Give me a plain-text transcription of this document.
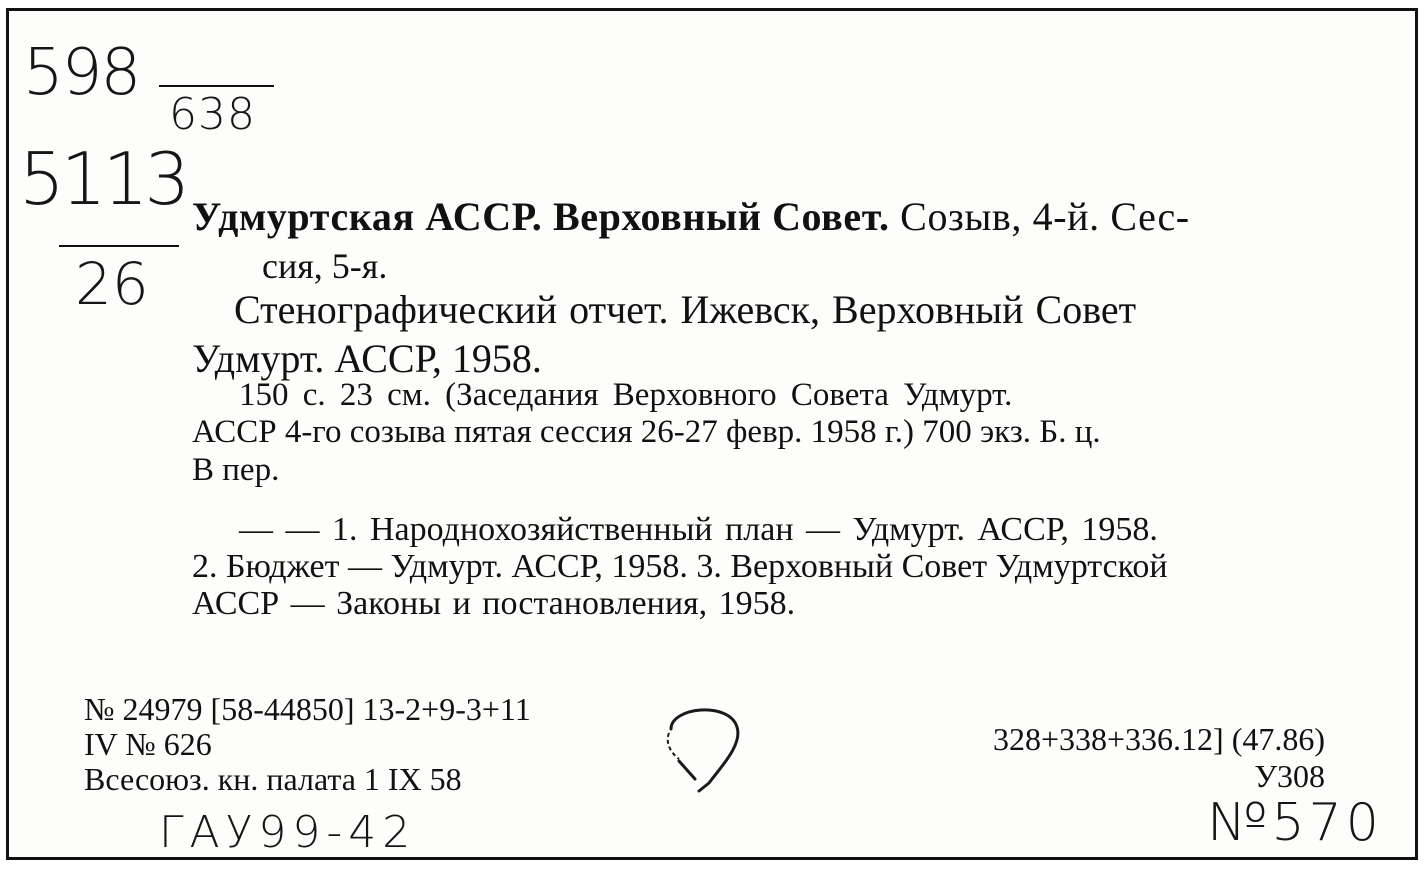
598
638
5113
26
Удмуртская АССР. Верховный Совет. Созыв, 4-й. Сес-
сия, 5-я.
Стенографический отчет. Ижевск, Верховный Совет
Удмурт. АССР, 1958.
150 с. 23 см. (Заседания Верховного Совета Удмурт.
АССР 4-го созыва пятая сессия 26-27 февр. 1958 г.) 700 экз. Б. ц.
В пер.
— — 1. Народнохозяйственный план — Удмурт. АССР, 1958.
2. Бюджет — Удмурт. АССР, 1958. 3. Верховный Совет Удмуртской
АССР — Законы и постановления, 1958.
№ 24979 [58-44850] 13-2+9-3+11
IV № 626
Всесоюз. кн. палата 1 IX 58
328+338+336.12] (47.86)
У308
ГАУ99-42	№570
